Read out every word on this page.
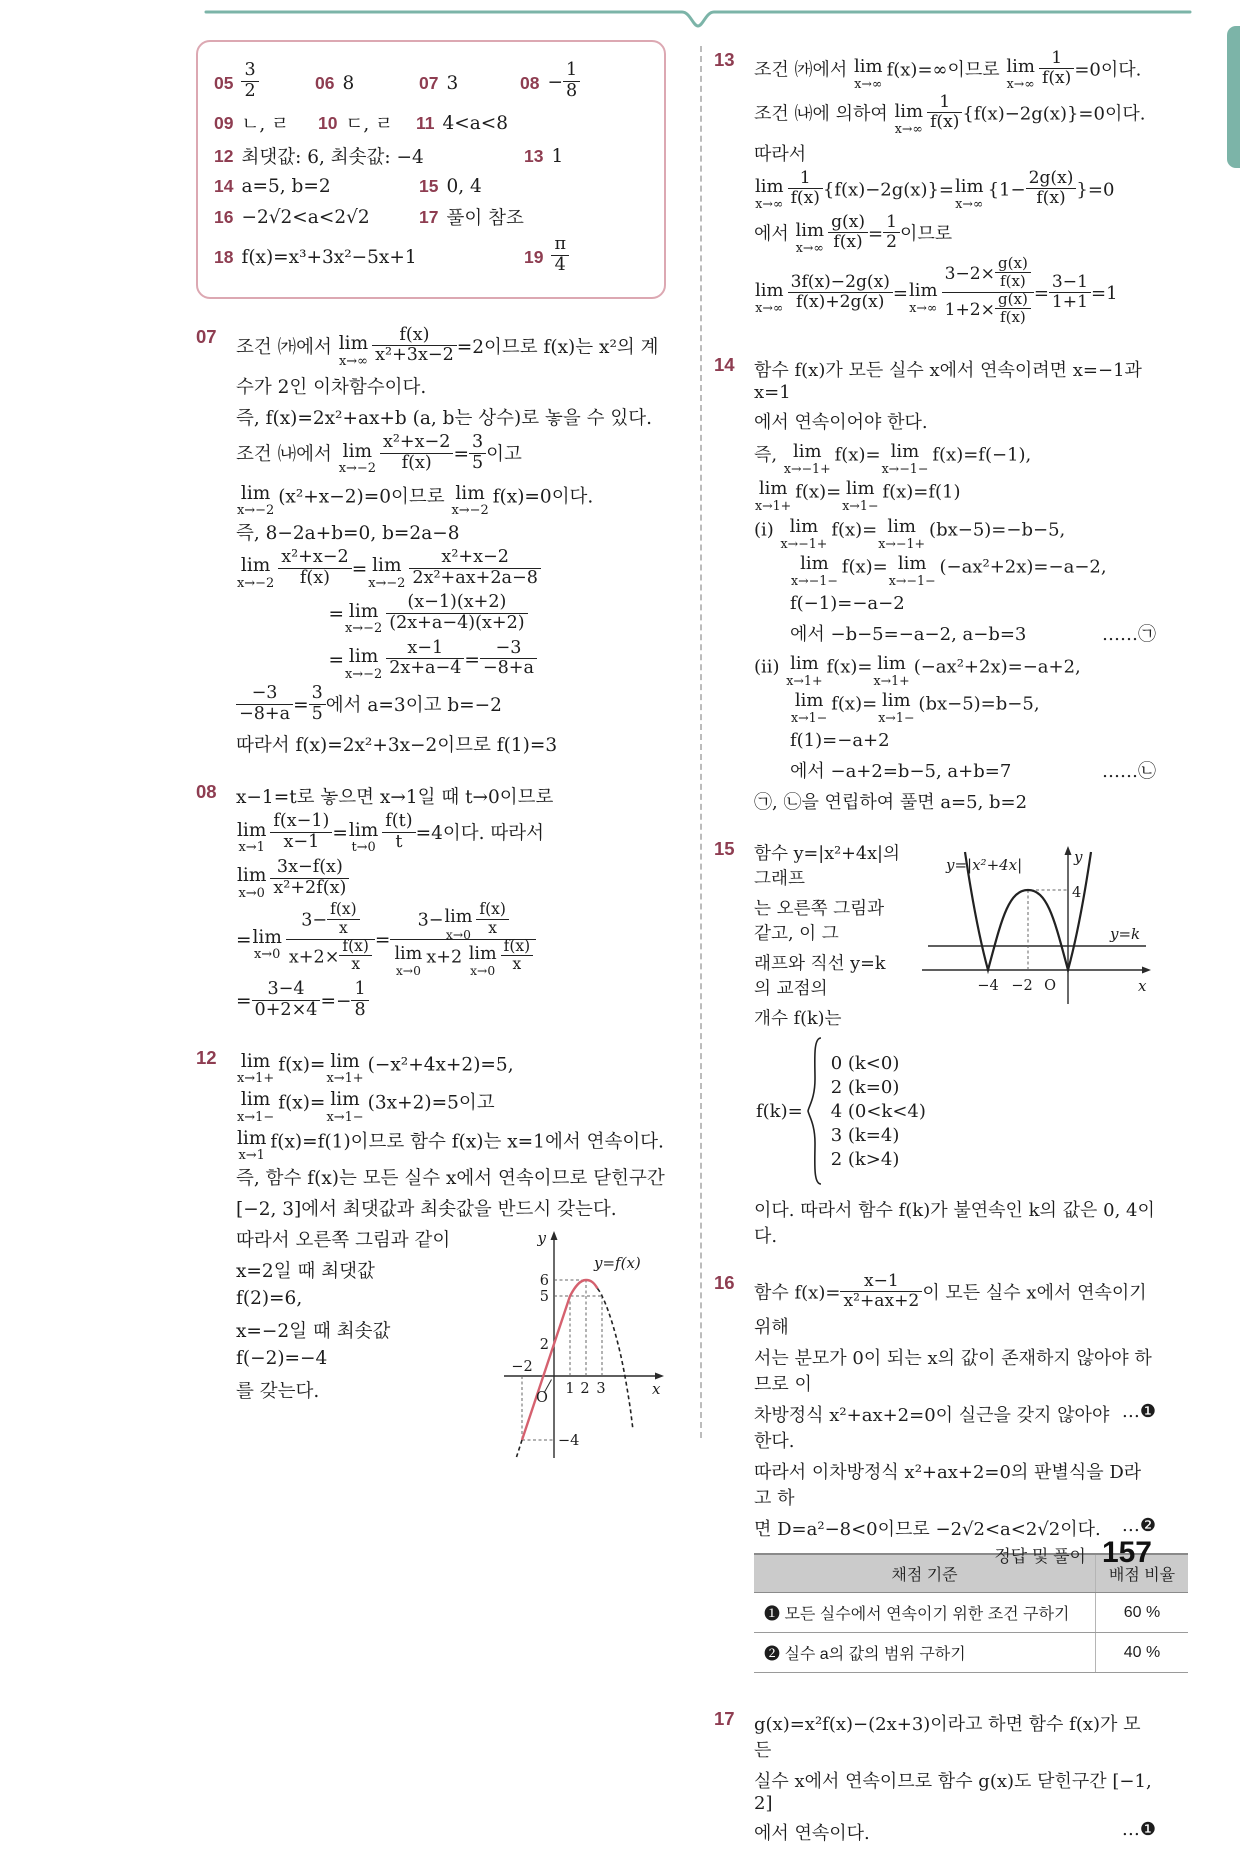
$05 \frac{3}{2}$	06 8	07 3	$08 - \frac{1}{8}$
09 ㄴ, ㄹ 10 ㄷ, ㄹ 11 4<a<8
12 최댓값: 6, 최솟값: −4	13 1
14 a=5, b=2	15 0, 4
16 −2√2<a<2√2	17 풀이 참조
18 f(x)=x³+3x²−5x+1	$19 \frac{\pi}{4}$
07
조건 ㈎에서 lim
$x\to\infty \frac{f(x)}{\text{x²+3x−2}} =2$이므로 f(x)는 x²의 계
수가 2인 이차함수이다.
즉, f(x)=2x²+ax+b (a, b는 상수)로 놓을 수 있다.
조건 ㈏에서 lim
$x\to-2 \frac{\text{x²+x−2}}{f(x)} = \frac{3}{5}$ 이고
lim
x→−2
(x²+x−2)=0이므로 lim
x→−2
f(x)=0이다.
즉, 8−2a+b=0, b=2a−8
lim
$x\to-2 \frac{\text{x²+x−2}}{f(x)} = \lim$
$x\to-2 \frac{\text{x²+x−2}}{\text{2x²+ax+2a−8}}$
　　　　　= lim
$x\to-2 \frac{(x-1)(x+2)}{(2x+a-4)(x+2)}$
　　　　　= lim
$x\to-2 \frac{x-1}{2x+a-4} = \frac{-3}{-8+a}$
$\frac{-3}{-8+a} = \frac{3}{5}$ 에서 a=3이고 b=−2
따라서 f(x)=2x²+3x−2이므로 f(1)=3
08	x−1=t로 놓으면 x→1일 때 t→0이므로
lim
$x\to 1 \frac{f(x-1)}{x-1} = \lim$
$t\to 0 \frac{f(t)}{t} =4$이다. 따라서
lim
$x\to 0 \frac{3x-f(x)}{\text{x²+2f(x)}}$
= lim
$x\to 0 \frac{3- \frac{f(x)}{x}}{x+2\times \frac{f(x)}{x}} = 3- \lim$
$x\to 0 \frac{f(x)}{x}$
lim
x→0
x+2 lim
$x\to 0 \frac{f(x)}{x}$
= $\frac{3-4}{0+2\times 4} =- \frac{1}{8}$
12	lim
x→1+
f(x)= lim
x→1+
(−x²+4x+2)=5,
lim
x→1−
f(x)= lim
x→1−
(3x+2)=5이고
lim
x→1
f(x)=f(1)이므로 함수 f(x)는 x=1에서 연속이다.
즉, 함수 f(x)는 모든 실수 x에서 연속이므로 닫힌구간
[−2, 3]에서 최댓값과 최솟값을 반드시 갖는다.
y
x
6
5
2
−4
1 2 3
−2
O
y=f(x)
따라서 오른쪽 그림과 같이
x=2일 때 최댓값
f(2)=6,
x=−2일 때 최솟값
f(−2)=−4
를 갖는다.
13
조건 ㈎에서 lim
x→∞
f(x)=∞이므로 lim
$x\to\infty \frac{1}{f(x)} =0$이다.
조건 ㈏에 의하여 lim
$x\to\infty \frac{1}{f(x)} \{f(x)-2g(x)\}=0$이다.
따라서
lim
$x\to\infty \frac{1}{f(x)} \{f(x)-2g(x)\}= \lim$
x→∞
$\{1- \frac{2g(x)}{f(x)} \}=0$
에서 lim
$x\to\infty \frac{g(x)}{f(x)} = \frac{1}{2}$ 이므로
lim
$x\to\infty \frac{3f(x)-2g(x)}{f(x)+2g(x)} = \lim$
$x\to\infty \frac{3-2\times \frac{g(x)}{f(x)}}{1+2\times \frac{g(x)}{f(x)}} = \frac{3-1}{1+1} =1$
14	함수 f(x)가 모든 실수 x에서 연속이려면 x=−1과 x=1
에서 연속이어야 한다.
즉, lim
x→−1+
f(x)= lim
x→−1−
f(x)=f(−1),
lim
x→1+
f(x)= lim
x→1−
f(x)=f(1)
(i) lim
x→−1+
f(x)= lim
x→−1+
(bx−5)=−b−5,

lim
x→−1−
f(x)= lim
x→−1−
(−ax²+2x)=−a−2,
　　f(−1)=−a−2
……㉠
　　에서 −b−5=−a−2, a−b=3
(ii) lim
x→1+
f(x)= lim
x→1+
(−ax²+2x)=−a+2,

lim
x→1−
f(x)= lim
x→1−
(bx−5)=b−5,
　　f(1)=−a+2
……㉡
　　에서 −a+2=b−5, a+b=7
㉠, ㉡을 연립하여 풀면 a=5, b=2
15
y=|x²+4x|	y
4
y=k
−4 −2 O	x
함수 y=|x²+4x|의 그래프
는 오른쪽 그림과 같고, 이 그
래프와 직선 y=k의 교점의
개수 f(k)는
f(k)=
0 (k<0)
2 (k=0)
4 (0<k<4)
3 (k=4)
2 (k>4)
이다. 따라서 함수 f(k)가 불연속인 k의 값은 0, 4이다.
16
함수 $f(x)= \frac{x-1}{\text{x²+ax+2}}$ 이 모든 실수 x에서 연속이기 위해
서는 분모가 0이 되는 x의 값이 존재하지 않아야 하므로 이
…❶
차방정식 x²+ax+2=0이 실근을 갖지 않아야 한다.
따라서 이차방정식 x²+ax+2=0의 판별식을 D라고 하
…❷
면 D=a²−8<0이므로 −2√2<a<2√2이다.
채점 기준	배점 비율
❶ 모든 실수에서 연속이기 위한 조건 구하기	60 %
❷ 실수 a의 값의 범위 구하기	40 %
17	g(x)=x²f(x)−(2x+3)이라고 하면 함수 f(x)가 모든
실수 x에서 연속이므로 함수 g(x)도 닫힌구간 [−1, 2]
…❶
에서 연속이다.
정답 및 풀이 157
